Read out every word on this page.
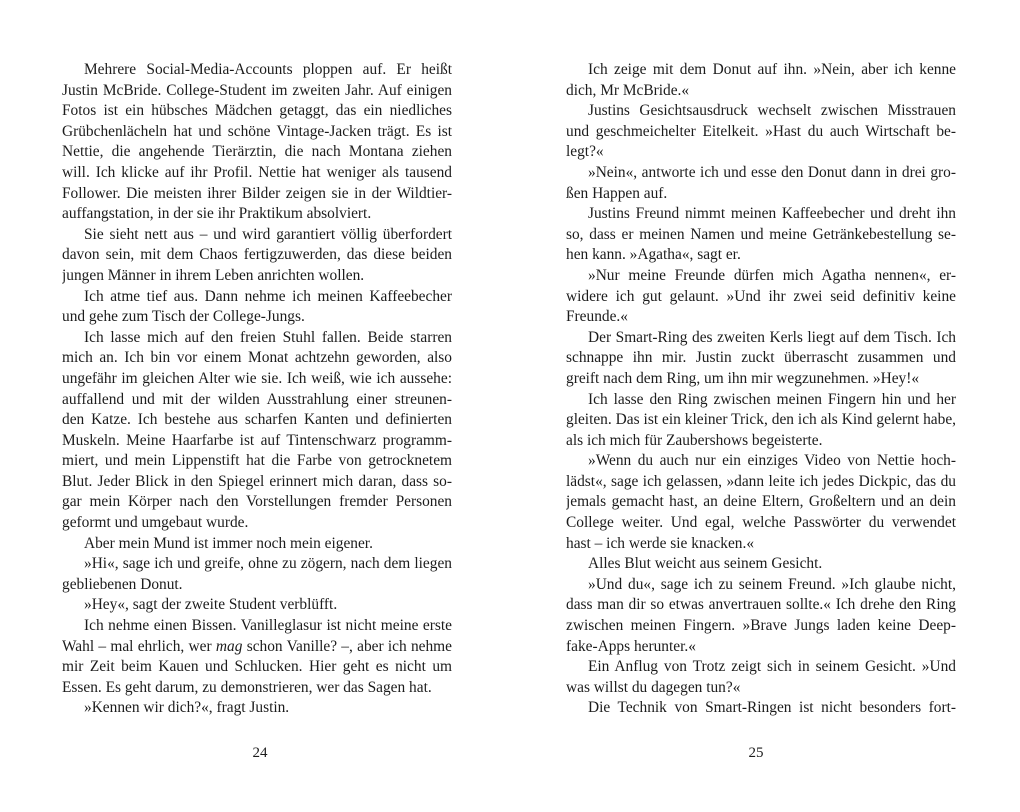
Mehrere Social-Media-Accounts ploppen auf. Er heißt
Justin McBride. College-Student im zweiten Jahr. Auf einigen
Fotos ist ein hübsches Mädchen getaggt, das ein niedliches
Grübchenlächeln hat und schöne Vintage-Jacken trägt. Es ist
Nettie, die angehende Tierärztin, die nach Montana ziehen
will. Ich klicke auf ihr Profil. Nettie hat weniger als tausend
Follower. Die meisten ihrer Bilder zeigen sie in der Wildtier-
auffangstation, in der sie ihr Praktikum absolviert.
Sie sieht nett aus – und wird garantiert völlig überfordert
davon sein, mit dem Chaos fertigzuwerden, das diese beiden
jungen Männer in ihrem Leben anrichten wollen.
Ich atme tief aus. Dann nehme ich meinen Kaffeebecher
und gehe zum Tisch der College-Jungs.
Ich lasse mich auf den freien Stuhl fallen. Beide starren
mich an. Ich bin vor einem Monat achtzehn geworden, also
ungefähr im gleichen Alter wie sie. Ich weiß, wie ich aussehe:
auffallend und mit der wilden Ausstrahlung einer streunen-
den Katze. Ich bestehe aus scharfen Kanten und definierten
Muskeln. Meine Haarfarbe ist auf Tintenschwarz programm-
miert, und mein Lippenstift hat die Farbe von getrocknetem
Blut. Jeder Blick in den Spiegel erinnert mich daran, dass so-
gar mein Körper nach den Vorstellungen fremder Personen
geformt und umgebaut wurde.
Aber mein Mund ist immer noch mein eigener.
»Hi«, sage ich und greife, ohne zu zögern, nach dem liegen
gebliebenen Donut.
»Hey«, sagt der zweite Student verblüfft.
Ich nehme einen Bissen. Vanilleglasur ist nicht meine erste
Wahl – mal ehrlich, wer mag schon Vanille? –, aber ich nehme
mir Zeit beim Kauen und Schlucken. Hier geht es nicht um
Essen. Es geht darum, zu demonstrieren, wer das Sagen hat.
»Kennen wir dich?«, fragt Justin.
Ich zeige mit dem Donut auf ihn. »Nein, aber ich kenne
dich, Mr McBride.«
Justins Gesichtsausdruck wechselt zwischen Misstrauen
und geschmeichelter Eitelkeit. »Hast du auch Wirtschaft be-
legt?«
»Nein«, antworte ich und esse den Donut dann in drei gro-
ßen Happen auf.
Justins Freund nimmt meinen Kaffeebecher und dreht ihn
so, dass er meinen Namen und meine Getränkebestellung se-
hen kann. »Agatha«, sagt er.
»Nur meine Freunde dürfen mich Agatha nennen«, er-
widere ich gut gelaunt. »Und ihr zwei seid definitiv keine
Freunde.«
Der Smart-Ring des zweiten Kerls liegt auf dem Tisch. Ich
schnappe ihn mir. Justin zuckt überrascht zusammen und
greift nach dem Ring, um ihn mir wegzunehmen. »Hey!«
Ich lasse den Ring zwischen meinen Fingern hin und her
gleiten. Das ist ein kleiner Trick, den ich als Kind gelernt habe,
als ich mich für Zaubershows begeisterte.
»Wenn du auch nur ein einziges Video von Nettie hoch-
lädst«, sage ich gelassen, »dann leite ich jedes Dickpic, das du
jemals gemacht hast, an deine Eltern, Großeltern und an dein
College weiter. Und egal, welche Passwörter du verwendet
hast – ich werde sie knacken.«
Alles Blut weicht aus seinem Gesicht.
»Und du«, sage ich zu seinem Freund. »Ich glaube nicht,
dass man dir so etwas anvertrauen sollte.« Ich drehe den Ring
zwischen meinen Fingern. »Brave Jungs laden keine Deep-
fake-Apps herunter.«
Ein Anflug von Trotz zeigt sich in seinem Gesicht. »Und
was willst du dagegen tun?«
Die Technik von Smart-Ringen ist nicht besonders fort-
24	25
